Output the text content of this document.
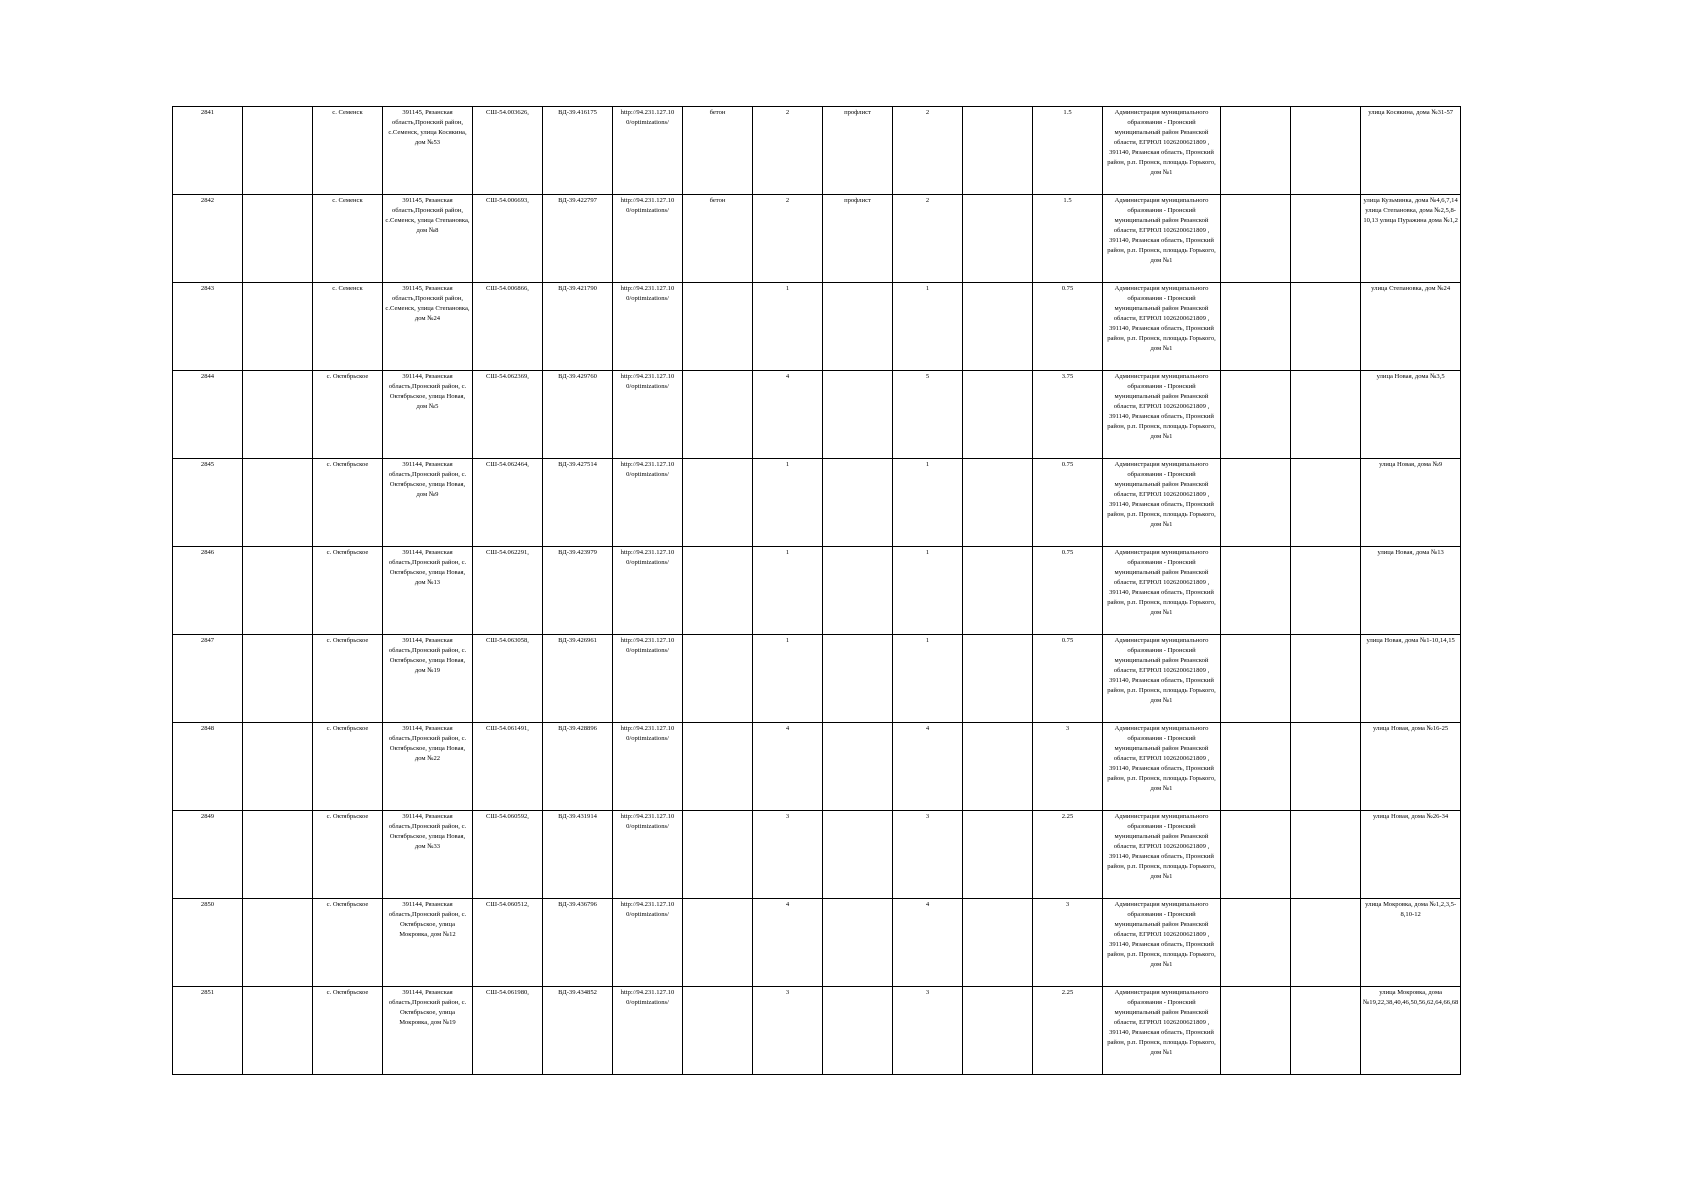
2841		с. Семенск	391145, Рязанская область,Пронский район, с.Семенск, улица Косякина, дом №53	СШ-54.003626,	ВД-39.416175	http://94.231.127.10 0/optimizations/	бетон	2	профлист	2		1.5	Администрация муниципального образования - Пронский муниципальный район Рязанской области, ЕГРЮЛ 1026200621809 , 391140, Рязанская область, Пронский район, р.п. Пронск, площадь Горького, дом №1			улица Косякина, дома №31-57
2842		с. Семенск	391145, Рязанская область,Пронский район, с.Семенск, улица Степановка, дом №8	СШ-54.006693,	ВД-39.422797	http://94.231.127.10 0/optimizations/	бетон	2	профлист	2		1.5	Администрация муниципального образования - Пронский муниципальный район Рязанской области, ЕГРЮЛ 1026200621809 , 391140, Рязанская область, Пронский район, р.п. Пронск, площадь Горького, дом №1			улица Кузьминка, дома №4,6,7,14 улица Степановка, дома №2,5,8-10,13 улица Пуражина дома №1,2
2843		с. Семенск	391145, Рязанская область,Пронский район, с.Семенск, улица Степановка, дом №24	СШ-54.006866,	ВД-39.421790	http://94.231.127.10 0/optimizations/		1		1		0.75	Администрация муниципального образования - Пронский муниципальный район Рязанской области, ЕГРЮЛ 1026200621809 , 391140, Рязанская область, Пронский район, р.п. Пронск, площадь Горького, дом №1			улица Степановка, дом №24
2844		с. Октябрьское	391144, Рязанская область,Пронский район, с. Октябрьское, улица Новая, дом №5	СШ-54.062369,	ВД-39.429760	http://94.231.127.10 0/optimizations/		4		5		3.75	Администрация муниципального образования - Пронский муниципальный район Рязанской области, ЕГРЮЛ 1026200621809 , 391140, Рязанская область, Пронский район, р.п. Пронск, площадь Горького, дом №1			улица Новая, дома №3,5
2845		с. Октябрьское	391144, Рязанская область,Пронский район, с. Октябрьское, улица Новая, дом №9	СШ-54.062464,	ВД-39.427514	http://94.231.127.10 0/optimizations/		1		1		0.75	Администрация муниципального образования - Пронский муниципальный район Рязанской области, ЕГРЮЛ 1026200621809 , 391140, Рязанская область, Пронский район, р.п. Пронск, площадь Горького, дом №1			улица Новая, дома №9
2846		с. Октябрьское	391144, Рязанская область,Пронский район, с. Октябрьское, улица Новая, дом №13	СШ-54.062291,	ВД-39.423979	http://94.231.127.10 0/optimizations/		1		1		0.75	Администрация муниципального образования - Пронский муниципальный район Рязанской области, ЕГРЮЛ 1026200621809 , 391140, Рязанская область, Пронский район, р.п. Пронск, площадь Горького, дом №1			улица Новая, дома №13
2847		с. Октябрьское	391144, Рязанская область,Пронский район, с. Октябрьское, улица Новая, дом №19	СШ-54.063058,	ВД-39.426961	http://94.231.127.10 0/optimizations/		1		1		0.75	Администрация муниципального образования - Пронский муниципальный район Рязанской области, ЕГРЮЛ 1026200621809 , 391140, Рязанская область, Пронский район, р.п. Пронск, площадь Горького, дом №1			улица Новая, дома №1-10,14,15
2848		с. Октябрьское	391144, Рязанская область,Пронский район, с. Октябрьское, улица Новая, дом №22	СШ-54.061491,	ВД-39.428896	http://94.231.127.10 0/optimizations/		4		4		3	Администрация муниципального образования - Пронский муниципальный район Рязанской области, ЕГРЮЛ 1026200621809 , 391140, Рязанская область, Пронский район, р.п. Пронск, площадь Горького, дом №1			улица Новая, дома №16-25
2849		с. Октябрьское	391144, Рязанская область,Пронский район, с. Октябрьское, улица Новая, дом №33	СШ-54.060592,	ВД-39.431914	http://94.231.127.10 0/optimizations/		3		3		2.25	Администрация муниципального образования - Пронский муниципальный район Рязанской области, ЕГРЮЛ 1026200621809 , 391140, Рязанская область, Пронский район, р.п. Пронск, площадь Горького, дом №1			улица Новая, дома №26-34
2850		с. Октябрьское	391144, Рязанская область,Пронский район, с. Октябрьское, улица Мокровка, дом №12	СШ-54.060512,	ВД-39.436796	http://94.231.127.10 0/optimizations/		4		4		3	Администрация муниципального образования - Пронский муниципальный район Рязанской области, ЕГРЮЛ 1026200621809 , 391140, Рязанская область, Пронский район, р.п. Пронск, площадь Горького, дом №1			улица Мокровка, дома №1,2,3,5-8,10-12
2851		с. Октябрьское	391144, Рязанская область,Пронский район, с. Октябрьское, улица Мокровка, дом №19	СШ-54.061980,	ВД-39.434852	http://94.231.127.10 0/optimizations/		3		3		2.25	Администрация муниципального образования - Пронский муниципальный район Рязанской области, ЕГРЮЛ 1026200621809 , 391140, Рязанская область, Пронский район, р.п. Пронск, площадь Горького, дом №1			улица Мокровка, дома №19,22,38,40,46,50,56,62,64,66,68
